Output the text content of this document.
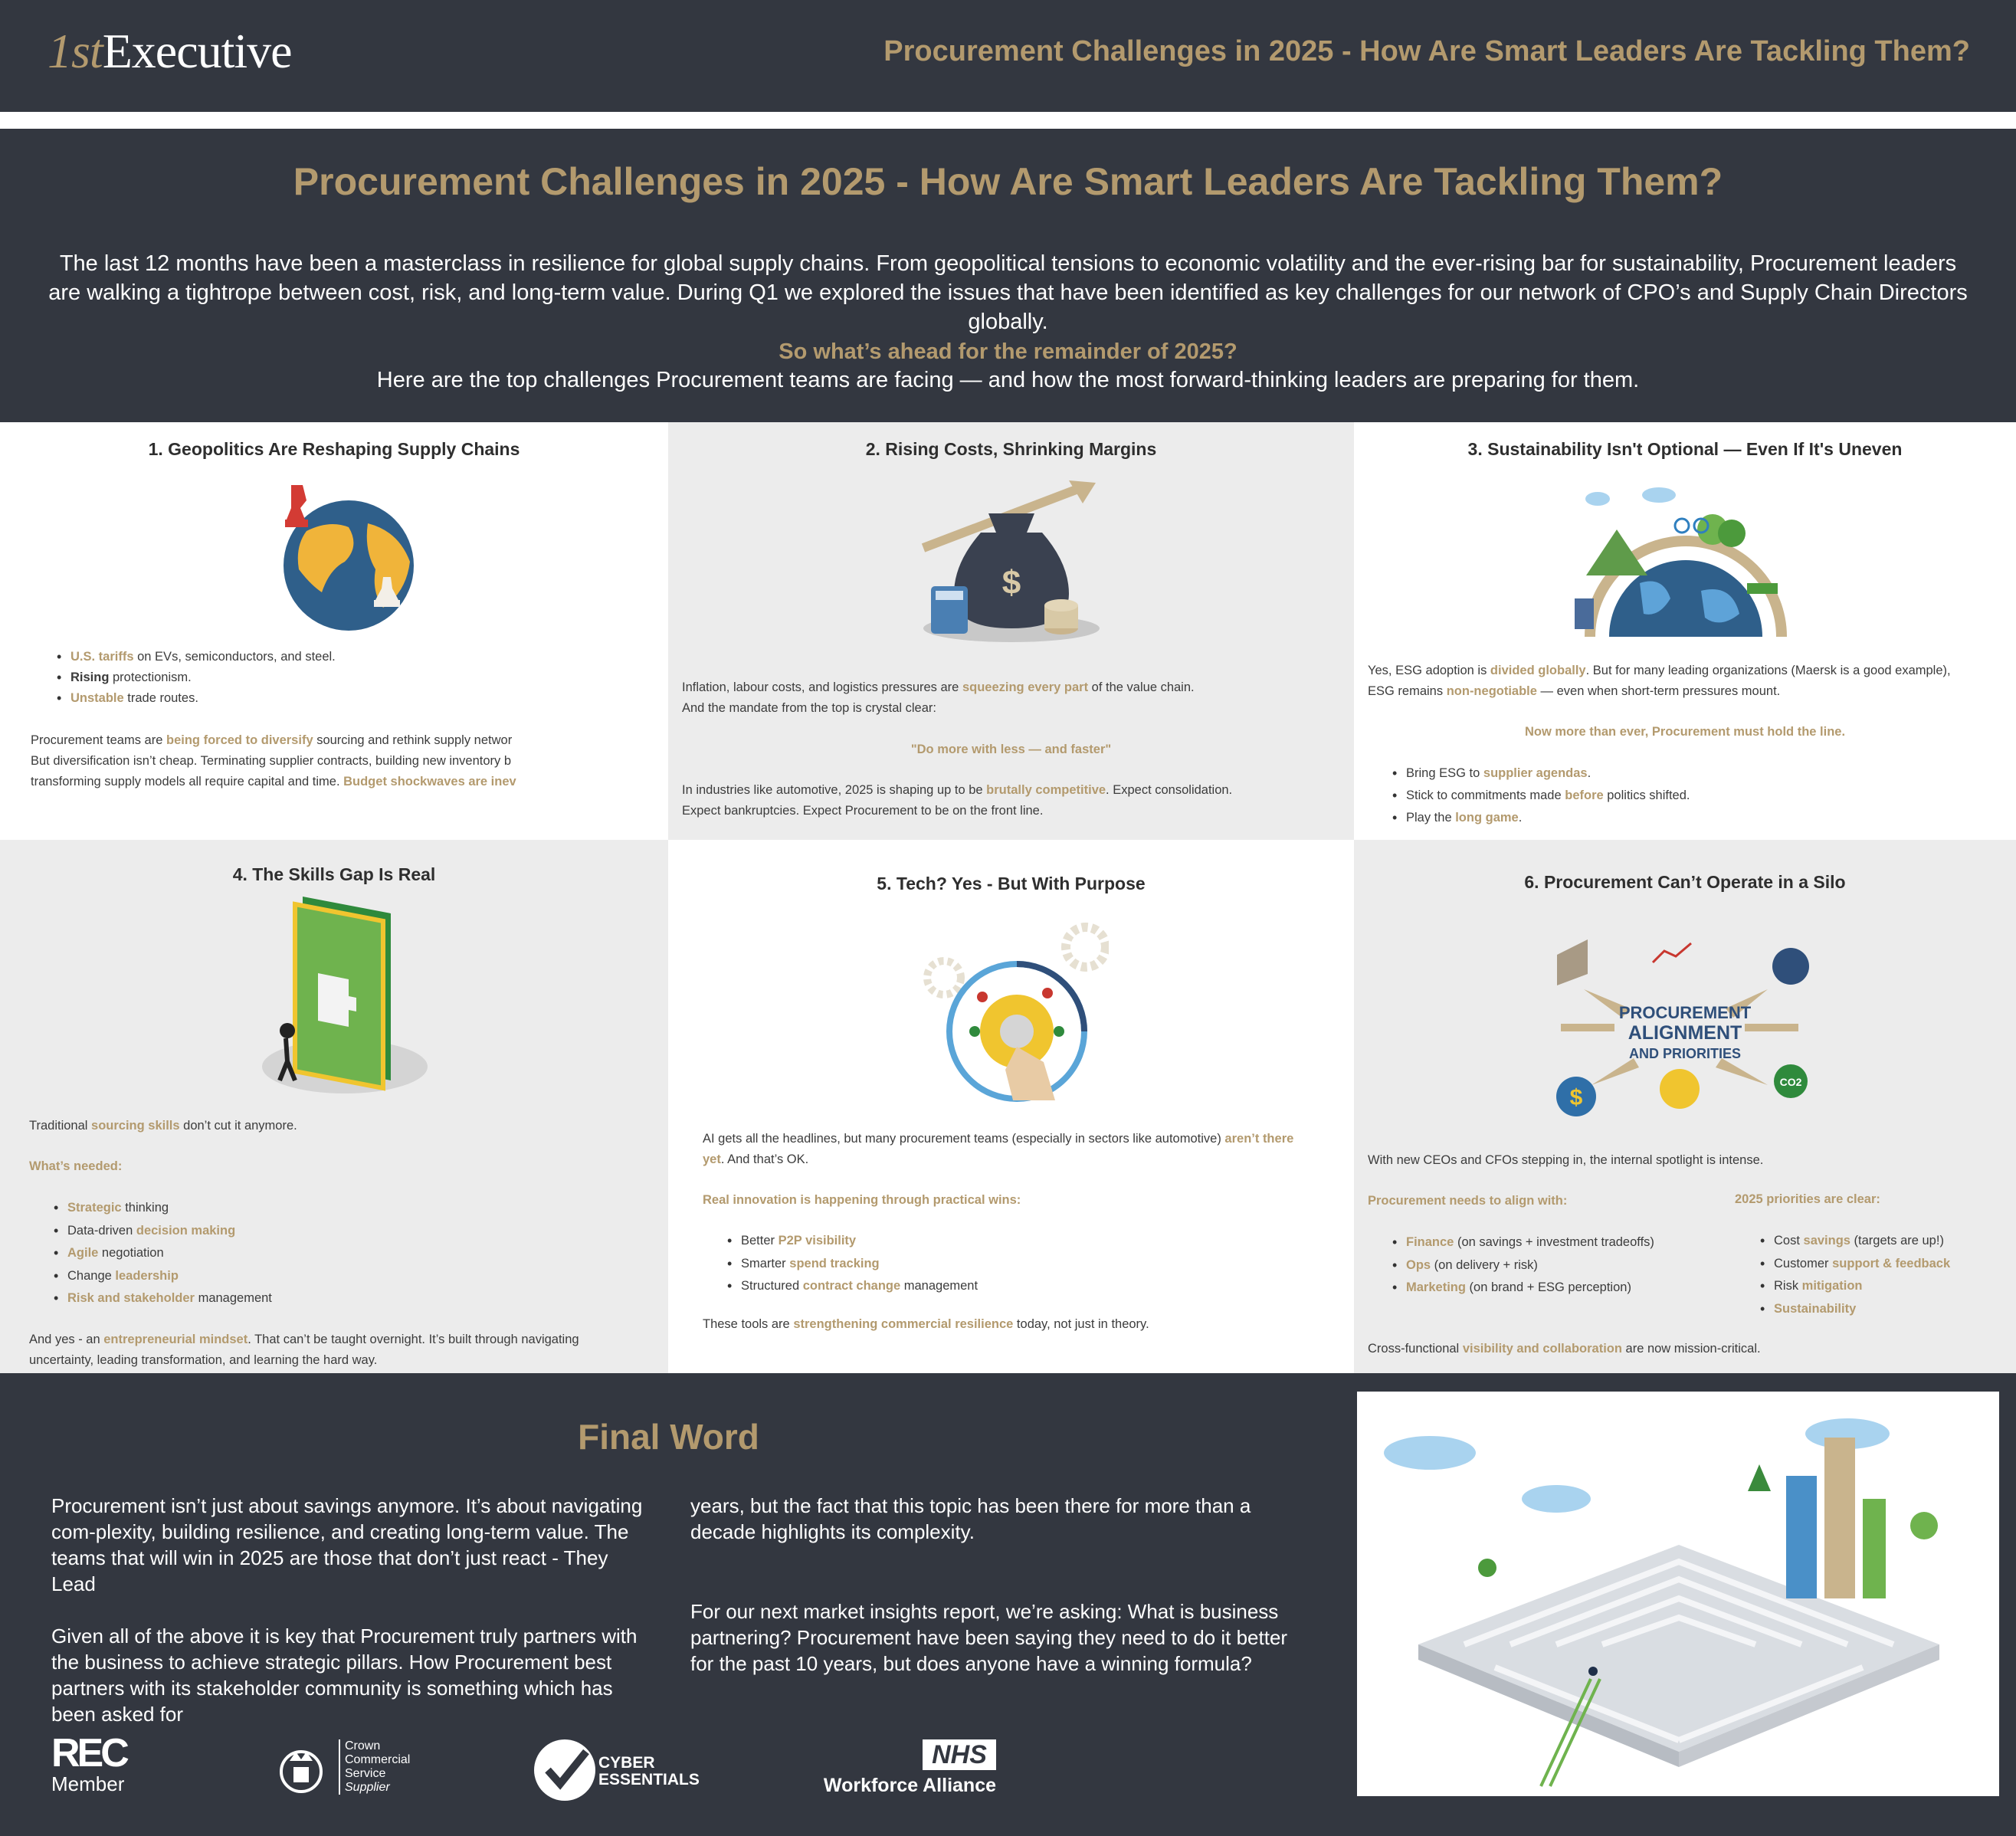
1stExecutive	Procurement Challenges in 2025 - How Are Smart Leaders Are Tackling Them?
Procurement Challenges in 2025 - How Are Smart Leaders Are Tackling Them?

The last 12 months have been a masterclass in resilience for global supply chains. From geopolitical tensions to economic volatility and the ever-rising bar for sustainability, Procurement leaders are walking a tightrope between cost, risk, and long-term value. During Q1 we explored the issues that have been identified as key challenges for our network of CPO’s and Supply Chain Directors globally.

So what’s ahead for the remainder of 2025?

Here are the top challenges Procurement teams are facing — and how the most forward-thinking leaders are preparing for them.

1. Geopolitics Are Reshaping Supply Chains
• U.S. tariffs on EVs, semiconductors, and steel.
• Rising protectionism.
• Unstable trade routes.
Procurement teams are being forced to diversify sourcing and rethink supply networ
But diversification isn’t cheap. Terminating supplier contracts, building new inventory b
transforming supply models all require capital and time. Budget shockwaves are inev
2. Rising Costs, Shrinking Margins
$
Inflation, labour costs, and logistics pressures are squeezing every part of the value chain.
And the mandate from the top is crystal clear:
"Do more with less — and faster"
In industries like automotive, 2025 is shaping up to be brutally competitive. Expect consolidation.
Expect bankruptcies. Expect Procurement to be on the front line.
3. Sustainability Isn't Optional — Even If It's Uneven
Yes, ESG adoption is divided globally. But for many leading organizations (Maersk is a good example),
ESG remains non-negotiable — even when short-term pressures mount.
Now more than ever, Procurement must hold the line.
• Bring ESG to supplier agendas.
• Stick to commitments made before politics shifted.
• Play the long game.
4. The Skills Gap Is Real
Traditional sourcing skills don’t cut it anymore.
What’s needed:
• Strategic thinking
• Data-driven decision making
• Agile negotiation
• Change leadership
• Risk and stakeholder management
And yes - an entrepreneurial mindset. That can’t be taught overnight. It’s built through navigating
uncertainty, leading transformation, and learning the hard way.
5. Tech? Yes - But With Purpose
AI gets all the headlines, but many procurement teams (especially in sectors like automotive) aren’t there
yet. And that’s OK.
Real innovation is happening through practical wins:
• Better P2P visibility
• Smarter spend tracking
• Structured contract change management
These tools are strengthening commercial resilience today, not just in theory.
6. Procurement Can’t Operate in a Silo
$
CO2
PROCUREMENT
ALIGNMENT
AND PRIORITIES
With new CEOs and CFOs stepping in, the internal spotlight is intense.
Procurement needs to align with:
• Finance (on savings + investment tradeoffs)
• Ops (on delivery + risk)
• Marketing (on brand + ESG perception)
2025 priorities are clear:
• Cost savings (targets are up!)
• Customer support & feedback
• Risk mitigation
• Sustainability
Cross-functional visibility and collaboration are now mission-critical.
Final Word

Procurement isn’t just about savings anymore. It’s about navigating com-plexity, building resilience, and creating long-term value. The teams that will win in 2025 are those that don’t just react - They Lead

Given all of the above it is key that Procurement truly partners with the business to achieve strategic pillars. How Procurement best partners with its stakeholder community is something which has been asked for

years, but the fact that this topic has been there for more than a decade highlights its complexity.

For our next market insights report, we’re asking: What is business partnering? Procurement have been saying they need to do it better for the past 10 years, but does anyone have a winning formula?

REC
Member
Crown
Commercial
Service
Supplier
CYBER
ESSENTIALS
NHS
Workforce Alliance
